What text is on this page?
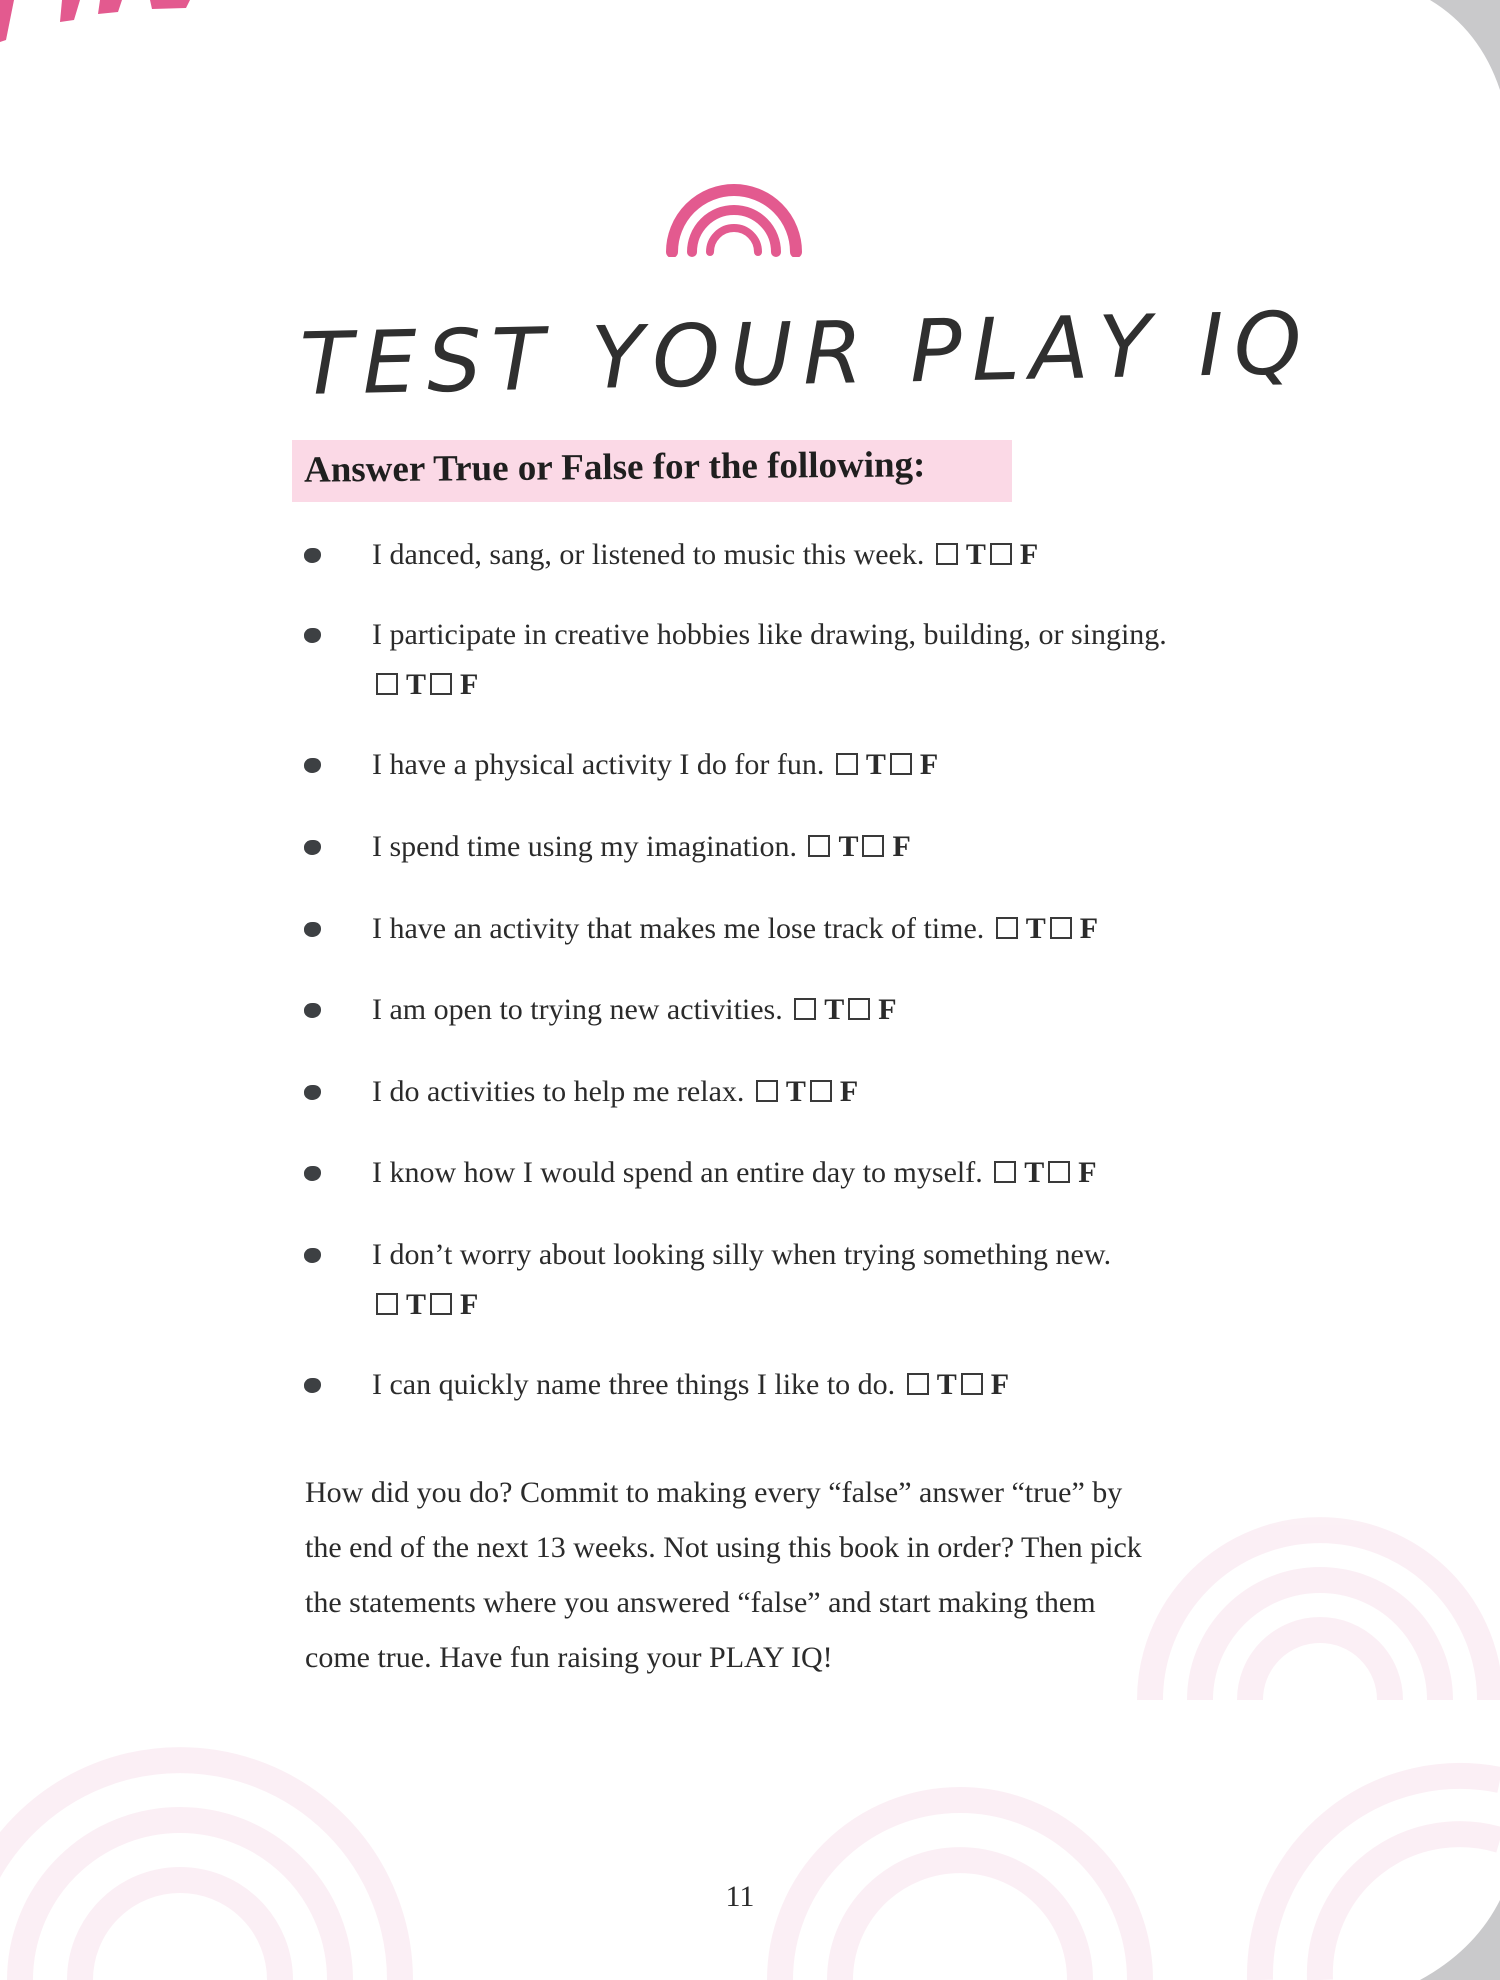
TEST YOUR PLAY IQ
Answer True or False for the following:
I danced, sang, or listened to music this week. T F
I participate in creative hobbies like drawing, building, or singing. T F
I have a physical activity I do for fun. T F
I spend time using my imagination. T F
I have an activity that makes me lose track of time. T F
I am open to trying new activities. T F
I do activities to help me relax. T F
I know how I would spend an entire day to myself. T F
I don’t worry about looking silly when trying something new. T F
I can quickly name three things I like to do. T F
How did you do? Commit to making every “false” answer “true” by the end of the next 13 weeks. Not using this book in order? Then pick the statements where you answered “false” and start making them come true. Have fun raising your PLAY IQ!
11
